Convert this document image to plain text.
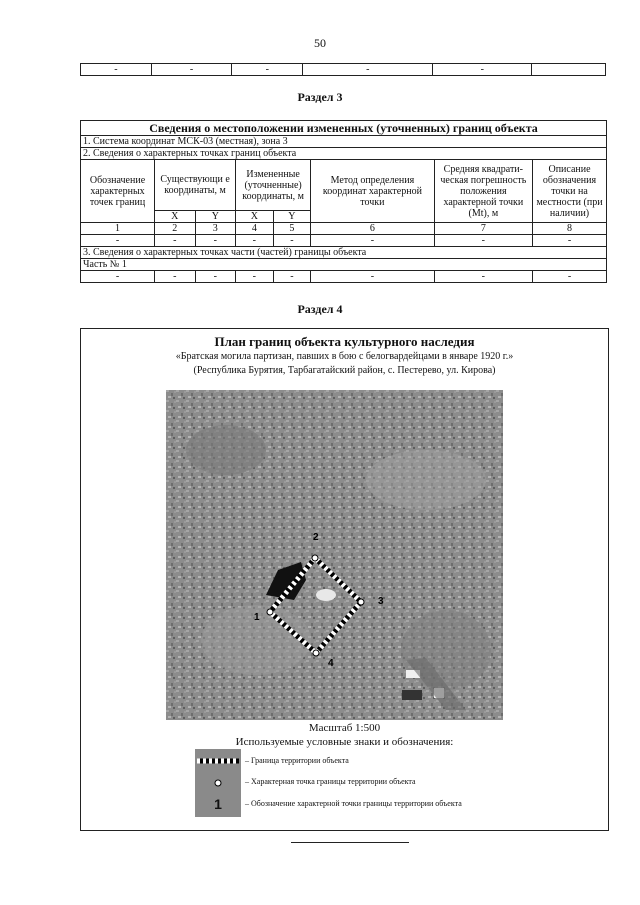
50
-	-	-	-	-	
Раздел 3
Сведения о местоположении измененных (уточненных) границ объекта							
1. Система координат МСК-03 (местная), зона 3							
2. Сведения о характерных точках границ объекта							
Обозначение характерных точек границ	Существующи е координаты, м		Измененные (уточненные) координаты, м		Метод определения координат характерной точки	Средняя квадрати-ческая погрешность положения характерной точки (Mt), м	Описание обозначения точки на местности (при наличии)
	X	Y	X	Y			
1	2	3	4	5	6	7	8
-	-	-	-	-	-	-	-
3. Сведения о характерных точках части (частей) границы объекта							
Часть № 1							
-	-	-	-	-	-	-	-
Раздел 4
План границ объекта культурного наследия
«Братская могила партизан, павших в бою с белогвардейцами в январе 1920 г.»
(Республика Бурятия, Тарбагатайский район, с. Пестерево, ул. Кирова)
1
2
3
4
Масштаб 1:500
Используемые условные знаки и обозначения:
– Граница территории объекта
– Характерная точка границы территории объекта
1	– Обозначение характерной точки границы территории объекта
